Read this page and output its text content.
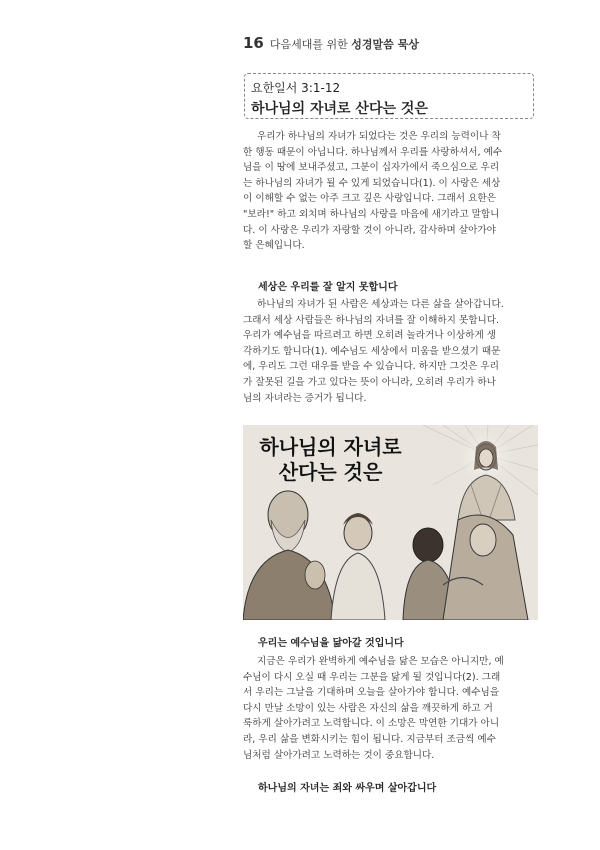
16 다음세대를 위한 성경말씀 묵상
요한일서 3:1-12
하나님의 자녀로 산다는 것은
우리가 하나님의 자녀가 되었다는 것은 우리의 능력이나 착
한 행동 때문이 아닙니다. 하나님께서 우리를 사랑하셔서, 예수
님을 이 땅에 보내주셨고, 그분이 십자가에서 죽으심으로 우리
는 하나님의 자녀가 될 수 있게 되었습니다(1). 이 사랑은 세상
이 이해할 수 없는 아주 크고 깊은 사랑입니다. 그래서 요한은
"보라!" 하고 외치며 하나님의 사랑을 마음에 새기라고 말합니
다. 이 사랑은 우리가 자랑할 것이 아니라, 감사하며 살아가야
할 은혜입니다.
세상은 우리를 잘 알지 못합니다
하나님의 자녀가 된 사람은 세상과는 다른 삶을 살아갑니다.
그래서 세상 사람들은 하나님의 자녀를 잘 이해하지 못합니다.
우리가 예수님을 따르려고 하면 오히려 놀라거나 이상하게 생
각하기도 합니다(1). 예수님도 세상에서 미움을 받으셨기 때문
에, 우리도 그런 대우를 받을 수 있습니다. 하지만 그것은 우리
가 잘못된 길을 가고 있다는 뜻이 아니라, 오히려 우리가 하나
님의 자녀라는 증거가 됩니다.
하나님의 자녀로
산다는 것은
우리는 예수님을 닮아갈 것입니다
지금은 우리가 완벽하게 예수님을 닮은 모습은 아니지만, 예
수님이 다시 오실 때 우리는 그분을 닮게 될 것입니다(2). 그래
서 우리는 그날을 기대하며 오늘을 살아가야 합니다. 예수님을
다시 만날 소망이 있는 사람은 자신의 삶을 깨끗하게 하고 거
룩하게 살아가려고 노력합니다. 이 소망은 막연한 기대가 아니
라, 우리 삶을 변화시키는 힘이 됩니다. 지금부터 조금씩 예수
님처럼 살아가려고 노력하는 것이 중요합니다.
하나님의 자녀는 죄와 싸우며 살아갑니다
